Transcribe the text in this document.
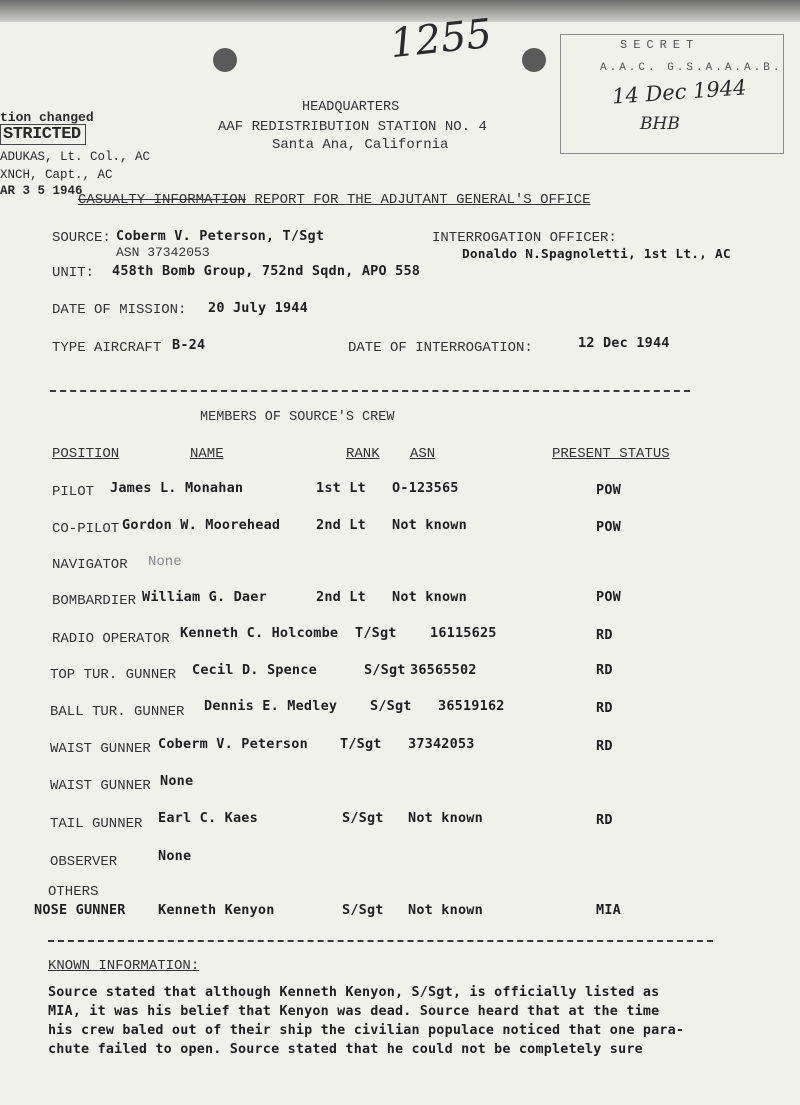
1255	SECRET
A.A.C. G.S.A.A.A.B.
14 Dec 1944
BHB
tion changed
STRICTED
ADUKAS, Lt. Col., AC
XNCH, Capt., AC
AR 3 5 1946
HEADQUARTERS
AAF REDISTRIBUTION STATION NO. 4
Santa Ana, California
CASUALTY INFORMATION REPORT FOR THE ADJUTANT GENERAL'S OFFICE
SOURCE: Coberm V. Peterson, T/Sgt
ASN 37342053
INTERROGATION OFFICER:
Donaldo N.Spagnoletti, 1st Lt., AC
UNIT: 458th Bomb Group, 752nd Sqdn, APO 558
DATE OF MISSION: 20 July 1944
TYPE AIRCRAFT B-24	DATE OF INTERROGATION:	12 Dec 1944
MEMBERS OF SOURCE'S CREW
POSITION	NAME	RANK ASN	PRESENT STATUS
PILOT James L. Monahan	1st Lt O-123565	POW
CO-PILOT Gordon W. Moorehead	2nd Lt Not known	POW
NAVIGATOR None
BOMBARDIER William G. Daer	2nd Lt Not known	POW
RADIO OPERATOR Kenneth C. Holcombe T/Sgt 16115625	RD
TOP TUR. GUNNER Cecil D. Spence	S/Sgt 36565502	RD
BALL TUR. GUNNER Dennis E. Medley S/Sgt 36519162	RD
WAIST GUNNER Coberm V. Peterson T/Sgt 37342053	RD
WAIST GUNNER None
TAIL GUNNER Earl C. Kaes	S/Sgt Not known	RD
OBSERVER	None
OTHERS
NOSE GUNNER Kenneth Kenyon	S/Sgt Not known	MIA
KNOWN INFORMATION:
Source stated that although Kenneth Kenyon, S/Sgt, is officially listed as
MIA, it was his belief that Kenyon was dead. Source heard that at the time
his crew baled out of their ship the civilian populace noticed that one para-
chute failed to open. Source stated that he could not be completely sure
